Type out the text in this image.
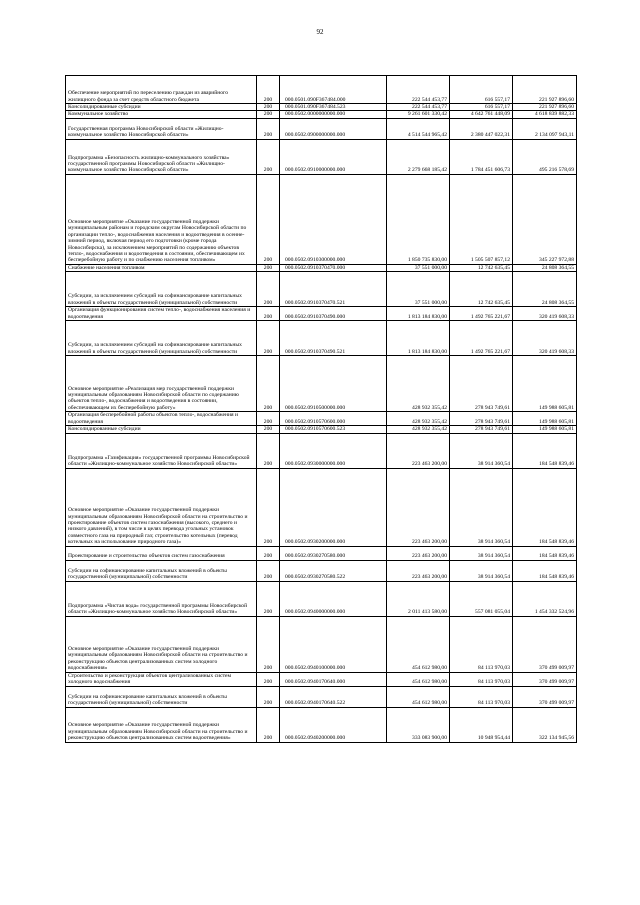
92
Обеспечение мероприятий по переселению граждан из аварийного жилищного фонда за счет средств областного бюджета	200	000.0501.090F367484.000	222 544 453,77	616 557,17	221 927 896,60
Консолидированные субсидии	200	000.0501.090F367484.523	222 544 453,77	616 557,17	221 927 896,60
Коммунальное хозяйство	200	000.0502.0000000000.000	9 261 601 330,42	4 642 761 448,09	4 618 839 882,33
Государственная программа Новосибирской области «Жилищно-коммунальное хозяйство Новосибирской области»	200	000.0502.0900000000.000	4 514 544 965,42	2 380 447 022,31	2 134 097 943,11
Подпрограмма «Безопасность жилищно-коммунального хозяйства» государственной программы Новосибирской области «Жилищно-коммунальное хозяйство Новосибирской области»	200	000.0502.0910000000.000	2 279 668 185,42	1 784 451 606,73	495 216 578,69
Основное мероприятие «Оказание государственной поддержки муниципальным районам и городским округам Новосибирской области по организации тепло-, водоснабжения населения и водоотведения в осенне-зимний период, включая период его подготовки (кроме города Новосибирска), за исключением мероприятий по содержанию объектов тепло-, водоснабжения и водоотведения в состоянии, обеспечивающем их бесперебойную работу и по снабжению населения топливом»	200	000.0502.0910300000.000	1 850 735 830,00	1 505 507 857,12	345 227 972,88
Снабжение населения топливом	200	000.0502.0910370470.000	37 551 000,00	12 742 635,45	24 808 364,55
Субсидии, за исключением субсидий на софинансирование капитальных вложений в объекты государственной (муниципальной) собственности	200	000.0502.0910370470.521	37 551 000,00	12 742 635,45	24 808 364,55
Организация функционирования систем тепло-, водоснабжения населения и водоотведения	200	000.0502.0910370490.000	1 813 184 830,00	1 492 765 221,67	320 419 608,33
Субсидии, за исключением субсидий на софинансирование капитальных вложений в объекты государственной (муниципальной) собственности	200	000.0502.0910370490.521	1 813 184 830,00	1 492 765 221,67	320 419 608,33
Основное мероприятие «Реализация мер государственной поддержки муниципальным образованиям Новосибирской области по содержанию объектов тепло-, водоснабжения и водоотведения в состоянии, обеспечивающем их бесперебойную работу»	200	000.0502.0910500000.000	428 932 355,42	278 943 749,61	149 988 605,81
Организация бесперебойной работы объектов тепло-, водоснабжения и водоотведения	200	000.0502.0910570600.000	428 932 355,42	278 943 749,61	149 988 605,81
Консолидированные субсидии	200	000.0502.0910570600.523	428 932 355,42	278 943 749,61	149 988 605,81
Подпрограмма «Газификация» государственной программы Новосибирской области «Жилищно-коммунальное хозяйство Новосибирской области»	200	000.0502.0930000000.000	223 463 200,00	38 914 360,54	184 548 839,46
Основное мероприятие «Оказание государственной поддержки муниципальным образованиям Новосибирской области на строительство и проектирование объектов систем газоснабжения (высокого, среднего и низкого давлений), в том числе в целях перевода угольных установок совместного газа на природный газ; строительство котельных (перевод котельных на использование природного газа)»	200	000.0502.0930200000.000	223 463 200,00	38 914 360,54	184 548 839,46
Проектирование и строительство объектов систем газоснабжения	200	000.0502.0930270580.000	223 463 200,00	38 914 360,54	184 548 839,46
Субсидии на софинансирование капитальных вложений в объекты государственной (муниципальной) собственности	200	000.0502.0930270580.522	223 463 200,00	38 914 360,54	184 548 839,46
Подпрограмма «Чистая вода» государственной программы Новосибирской области «Жилищно-коммунальное хозяйство Новосибирской области»	200	000.0502.0940000000.000	2 011 413 580,00	557 081 055,04	1 454 332 524,96
Основное мероприятие «Оказание государственной поддержки муниципальным образованиям Новосибирской области на строительство и реконструкцию объектов централизованных систем холодного водоснабжения»	200	000.0502.0940100000.000	454 612 980,00	84 113 970,03	370 499 009,97
Строительство и реконструкция объектов централизованных систем холодного водоснабжения	200	000.0502.0940170640.000	454 612 980,00	84 113 970,03	370 499 009,97
Субсидии на софинансирование капитальных вложений в объекты государственной (муниципальной) собственности	200	000.0502.0940170640.522	454 612 980,00	84 113 970,03	370 499 009,97
Основное мероприятие «Оказание государственной поддержки муниципальным образованиям Новосибирской области на строительство и реконструкцию объектов централизованных систем водоотведения»	200	000.0502.0940200000.000	333 083 900,00	10 948 954,44	322 134 945,56
